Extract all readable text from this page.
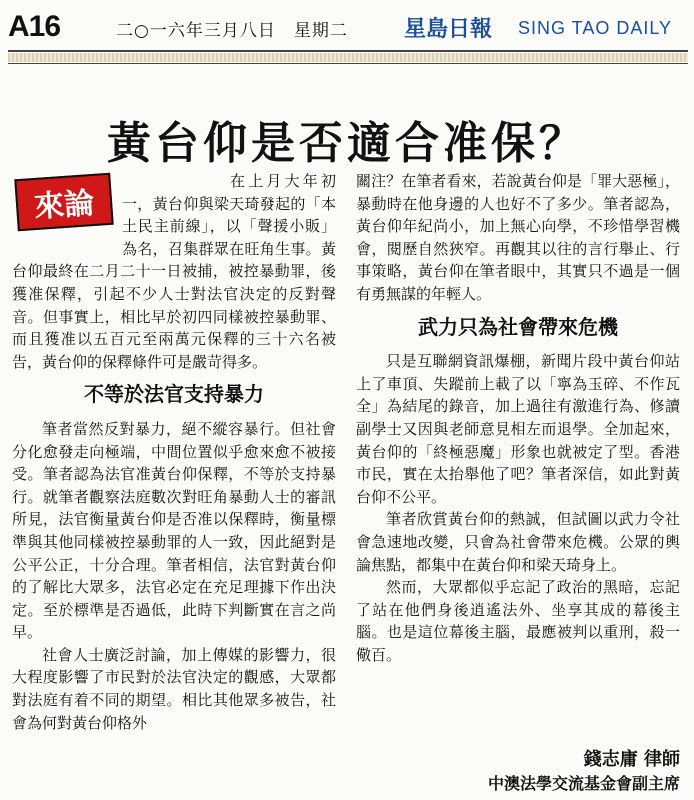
A16	二○一六年三月八日　星期二	星島日報 SING TAO DAILY
黃台仰是否適合准保？
來論

在上月大年初一，黃台仰與梁天琦發起的「本土民主前線」，以「聲援小販」為名，召集群眾在旺角生事。黃台仰最終在二月二十一日被捕，被控暴動罪，後獲准保釋，引起不少人士對法官決定的反對聲音。但事實上，相比早於初四同樣被控暴動罪、而且獲准以五百元至兩萬元保釋的三十六名被告，黃台仰的保釋條件可是嚴苛得多。

不等於法官支持暴力

筆者當然反對暴力，絕不縱容暴行。但社會分化愈發走向極端，中間位置似乎愈來愈不被接受。筆者認為法官准黃台仰保釋，不等於支持暴行。就筆者觀察法庭數次對旺角暴動人士的審訊所見，法官衡量黃台仰是否准以保釋時，衡量標準與其他同樣被控暴動罪的人一致，因此絕對是公平公正，十分合理。筆者相信，法官對黃台仰的了解比大眾多，法官必定在充足理據下作出決定。至於標準是否過低，此時下判斷實在言之尚早。

社會人士廣泛討論，加上傳媒的影響力，很大程度影響了市民對於法官決定的觀感，大眾都對法庭有着不同的期望。相比其他眾多被告，社會為何對黃台仰格外

關注？在筆者看來，若說黃台仰是「罪大惡極」，暴動時在他身邊的人也好不了多少。筆者認為，黃台仰年紀尚小，加上無心向學，不珍惜學習機會，閱歷自然狹窄。再觀其以往的言行舉止、行事策略，黃台仰在筆者眼中，其實只不過是一個有勇無謀的年輕人。

武力只為社會帶來危機

只是互聯網資訊爆棚，新聞片段中黃台仰站上了車頂、失蹤前上載了以「寧為玉碎、不作瓦全」為結尾的錄音，加上過往有激進行為、修讀副學士又因與老師意見相左而退學。全加起來，黃台仰的「終極惡魔」形象也就被定了型。香港市民，實在太抬舉他了吧？筆者深信，如此對黃台仰不公平。

筆者欣賞黃台仰的熱誠，但試圖以武力令社會急速地改變，只會為社會帶來危機。公眾的輿論焦點，都集中在黃台仰和梁天琦身上。

然而，大眾都似乎忘記了政治的黑暗，忘記了站在他們身後逍遙法外、坐享其成的幕後主腦。也是這位幕後主腦，最應被判以重刑，殺一儆百。

錢志庸 律師
中澳法學交流基金會副主席
